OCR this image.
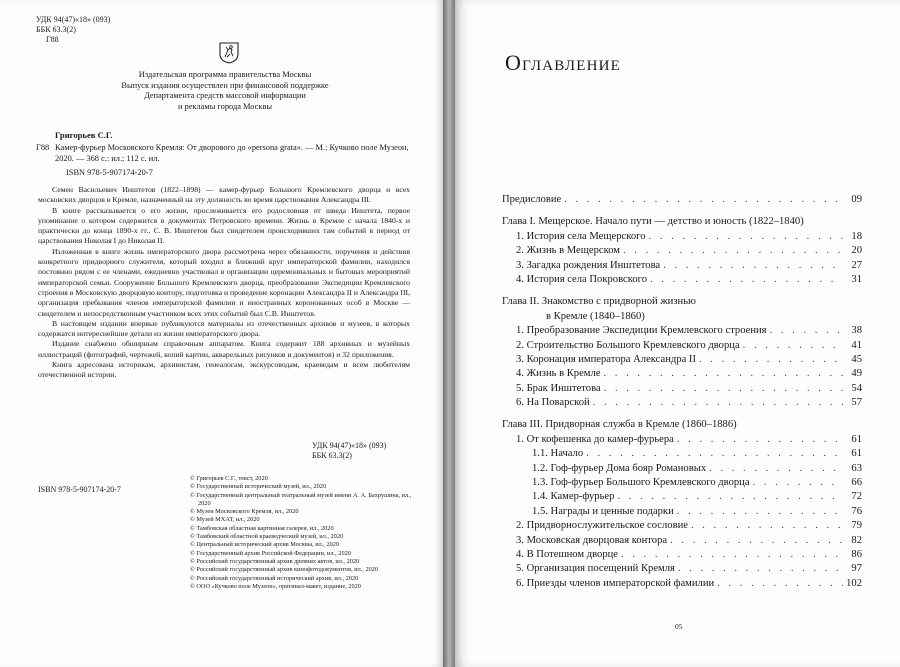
УДК 94(47)«18» (093)
ББК 63.3(2)
Г88
Издательская программа правительства Москвы
Выпуск издания осуществлен при финансовой поддержке
Департамента средств массовой информации
и рекламы города Москвы
Григорьев С.Г.
Г88 Камер-фурьер Московского Кремля: От дворового до «persona grata». — М.: Кучково поле Музеон, 2020. — 368 с.: ил.; 112 с. ил.
ISBN 978-5-907174-20-7

Семен Васильевич Инштетов (1822–1898) — камер-фурьер Большого Кремлевского дворца и всех московских дворцов в Кремле, назначенный на эту должность во время царствования Александра III.

В книге рассказывается о его жизни, прослеживается его родословная от шведа Инштета, первое упоминание о котором содержится в документах Петровского времени. Жизнь в Кремле с начала 1840-х и практически до конца 1890-х гг., С. В. Инштетов был свидетелем происходивших там событий в период от царствования Николая I до Николая II.

Изложенная в книге жизнь императорского двора рассмотрена через обязанности, поручения и действия конкретного придворного служителя, который входил в ближний круг императорской фамилии, находился постоянно рядом с ее членами, ежедневно участвовал в организации церемониальных и бытовых мероприятий императорской семьи. Сооружение Большого Кремлевского дворца, преобразование Экспедиции Кремлевского строения в Московскую дворцовую контору, подготовка и проведение коронации Александра II и Александра III, организация пребывания членов императорской фамилии и иностранных коронованных особ в Москве — свидетелем и непосредственным участником всех этих событий был С.В. Инштетов.

В настоящем издании впервые публикуются материалы из отечественных архивов и музеев, в которых содержатся интереснейшие детали из жизни императорского двора.

Издание снабжено обширным справочным аппаратом. Книга содержит 188 архивных и музейных иллюстраций (фотографий, чертежей, копий картин, акварельных рисунков и документов) и 32 приложения.

Книга адресована историкам, архивистам, генеалогам, экскурсоводам, краеведам и всем любителям отечественной истории.

УДК 94(47)«18» (093)
ББК 63.3(2)
ISBN 978-5-907174-20-7
© Григорьев С.Г., текст, 2020
© Государственный исторический музей, ил., 2020
© Государственный центральный театральный музей имени А. А. Бахрушина, ил., 2020
© Музеи Московского Кремля, ил., 2020
© Музей МХАТ, ил., 2020
© Тамбовская областная картинная галерея, ил., 2020
© Тамбовский областной краеведческий музей, ил., 2020
© Центральный исторический архив Москвы, ил., 2020
© Государственный архив Российской Федерации, ил., 2020
© Российский государственный архив древних актов, ил., 2020
© Российский государственный архив кинофотодокументов, ил., 2020
© Российский государственный исторический архив, ил., 2020
© ООО «Кучково поле Музеон», оригинал-макет, издание, 2020
Оглавление
Предисловие . . .	09
Глава I. Мещерское. Начало пути — детство и юность (1822–1840)
1. История села Мещерского . . .	18
2. Жизнь в Мещерском . . .	20
3. Загадка рождения Инштетова . . .	27
4. История села Покровского . . .	31
Глава II. Знакомство с придворной жизнью
в Кремле (1840–1860)
1. Преобразование Экспедиции Кремлевского строения . . .	38
2. Строительство Большого Кремлевского дворца . . .	41
3. Коронация императора Александра II . . .	45
4. Жизнь в Кремле . . .	49
5. Брак Инштетова . . .	54
6. На Поварской . . .	57
Глава III. Придворная служба в Кремле (1860–1886)
1. От кофешенка до камер-фурьера . . .	61
1.1. Начало . . .	61
1.2. Гоф-фурьер Дома бояр Романовых . . .	63
1.3. Гоф-фурьер Большого Кремлевского дворца . . .	66
1.4. Камер-фурьер . . .	72
1.5. Награды и ценные подарки . . .	76
2. Придворнослужительское сословие . . .	79
3. Московская дворцовая контора . . .	82
4. В Потешном дворце . . .	86
5. Организация посещений Кремля . . .	97
6. Приезды членов императорской фамилии . . .	102
05
